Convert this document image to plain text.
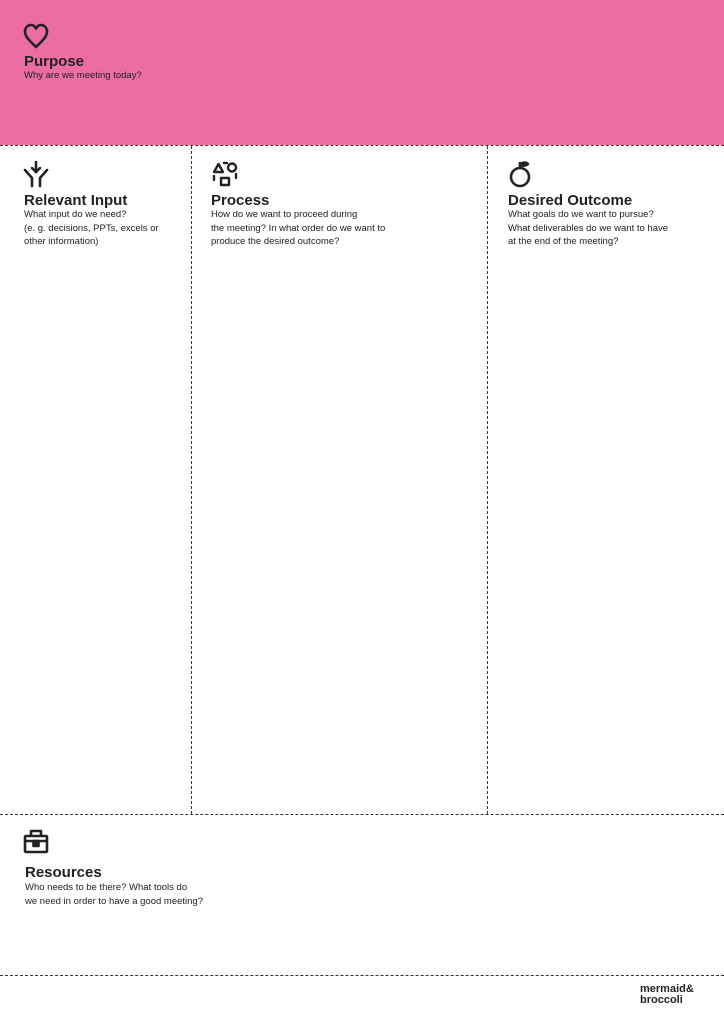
Purpose
Why are we meeting today?
Relevant Input
What input do we need?
(e. g. decisions, PPTs, excels or
other information)
Process
How do we want to proceed during
the meeting? In what order do we want to
produce the desired outcome?
Desired Outcome
What goals do we want to pursue?
What deliverables do we want to have
at the end of the meeting?
Resources
Who needs to be there? What tools do
we need in order to have a good meeting?
mermaid&
broccoli
